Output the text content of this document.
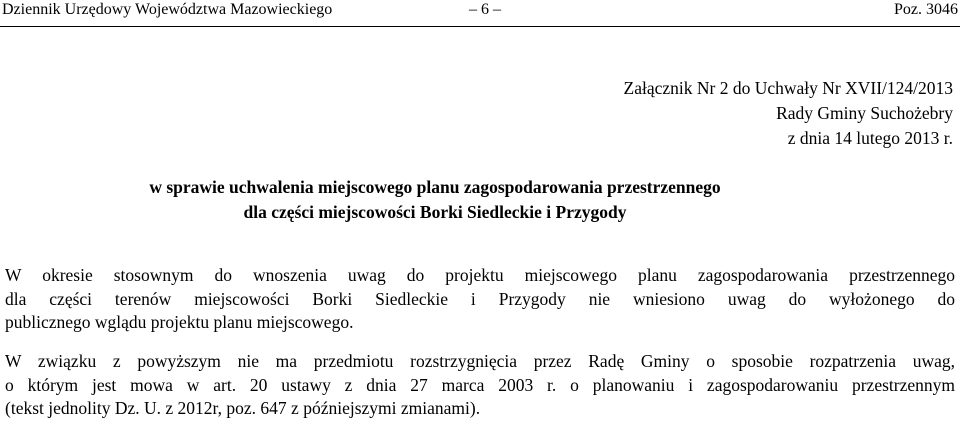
Dziennik Urzędowy Województwa Mazowieckiego	– 6 –	Poz. 3046
Załącznik Nr 2 do Uchwały Nr XVII/124/2013
Rady Gminy Suchożebry
z dnia 14 lutego 2013 r.
w sprawie uchwalenia miejscowego planu zagospodarowania przestrzennego
dla części miejscowości Borki Siedleckie i Przygody
W okresie stosownym do wnoszenia uwag do projektu miejscowego planu zagospodarowania przestrzennego
dla części terenów miejscowości Borki Siedleckie i Przygody nie wniesiono uwag do wyłożonego do
publicznego wglądu projektu planu miejscowego.
W związku z powyższym nie ma przedmiotu rozstrzygnięcia przez Radę Gminy o sposobie rozpatrzenia uwag,
o którym jest mowa w art. 20 ustawy z dnia 27 marca 2003 r. o planowaniu i zagospodarowaniu przestrzennym
(tekst jednolity Dz. U. z 2012r, poz. 647 z późniejszymi zmianami).
